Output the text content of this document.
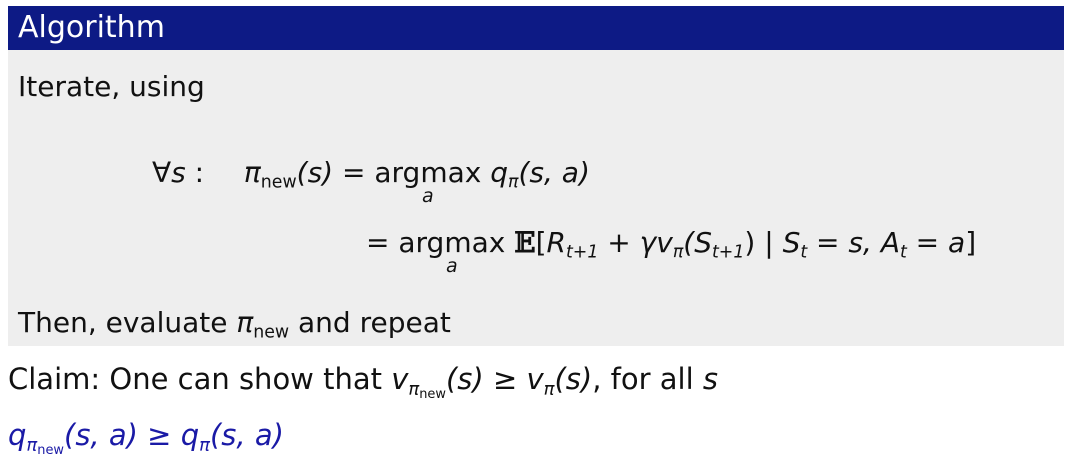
Algorithm
Iterate, using
∀s : $\pi_{new}(s) = argmax$
a
$q_\pi(s$, a)
= argmax
a
$𝔼[R_{t+1} + \gamma v_\pi(S_{t+1})$ | $S_t = s$, $A_t = a$]
Then, evaluate $\pi_{new}$ and repeat
Claim: One can show that $v_{\pi_{new}}(s) \ge v_\pi(s)$, for all s
$q_{\pi_{new}}(s$, $a) \ge q_\pi(s$, a)
